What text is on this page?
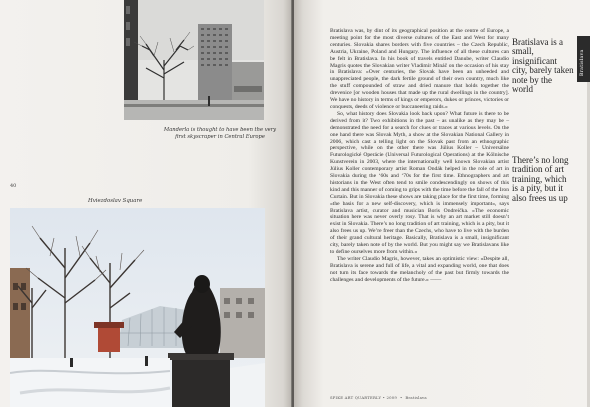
Manderla is thought to have been the very first skyscraper in Central Europe
40
Hviezdoslav Square

Bratislava was, by dint of its geographical position at the centre of Europe, a meeting point for the most diverse cultures of the East and West for many centuries. Slovakia shares borders with five countries – the Czech Republic, Austria, Ukraine, Poland and Hungary. The influence of all these cultures can be felt in Bratislava. In his book of travels entitled Danube, writer Claudio Magris quotes the Slovakian writer Vladimír Mináč on the occasion of his stay in Bratislava: «Over centuries, the Slovak have been an unheeded and unappreciated people, the dark fertile ground of their own country, much like the stuff compounded of straw and dried manure that holds together the drevenice [or wooden houses that made up the rural dwellings in the country]. We have no history in terms of kings or emperors, dukes or princes, victories or conquests, deeds of violence or buccaneering raids.»

So, what history does Slovakia look back upon? What future is there to be derived from it? Two exhibitions in the past – as unalike as they may be – demonstrated the need for a search for clues or traces at various levels. On the one hand there was Slovak Myth, a show at the Slovakian National Gallery in 2006, which cast a telling light on the Slovak past from an ethnographic perspective, while on the other there was Július Koller – Universálne Futurologické Operácie (Universal Futurological Operations) at the Kölnische Kunstverein in 2003, where the internationally well known Slovakian artist Július Koller contemporary artist Roman Ondák helped in the role of art in Slovakia during the ‘60s and ‘70s for the first time. Ethnographers and art historians in the West often tend to smile condescendingly on shows of this kind and this manner of coming to grips with the time before the fall of the Iron Curtain. But in Slovakia these shows are taking place for the first time, forming «the basis for a new self-discovery, which is immensely important», says Bratislava artist, curator and musician Boris Ondreička. «The economic situation here was never overly rosy. That is why an art market still doesn’t exist in Slovakia. There’s no long tradition of art training, which is a pity, but it also frees us up. We’re freer than the Czechs, who have to live with the burden of their grand cultural heritage. Basically, Bratislava is a small, insignificant city, barely taken note of by the world. But you might say we Bratislavans like to define ourselves more from within.»

The writer Claudio Magris, however, takes an optimistic view: «Despite all, Bratislava is serene and full of life, a vital and expanding world, one that does not turn its face towards the melancholy of the past but firmly towards the challenges and developments of the future.» ——

Bratislava is a small, insignificant city, barely taken note by the world
There’s no long tradition of art training, which is a pity, but it also frees us up
Bratislava
SPIKE ART QUARTERLY • 2009 • Bratislava
